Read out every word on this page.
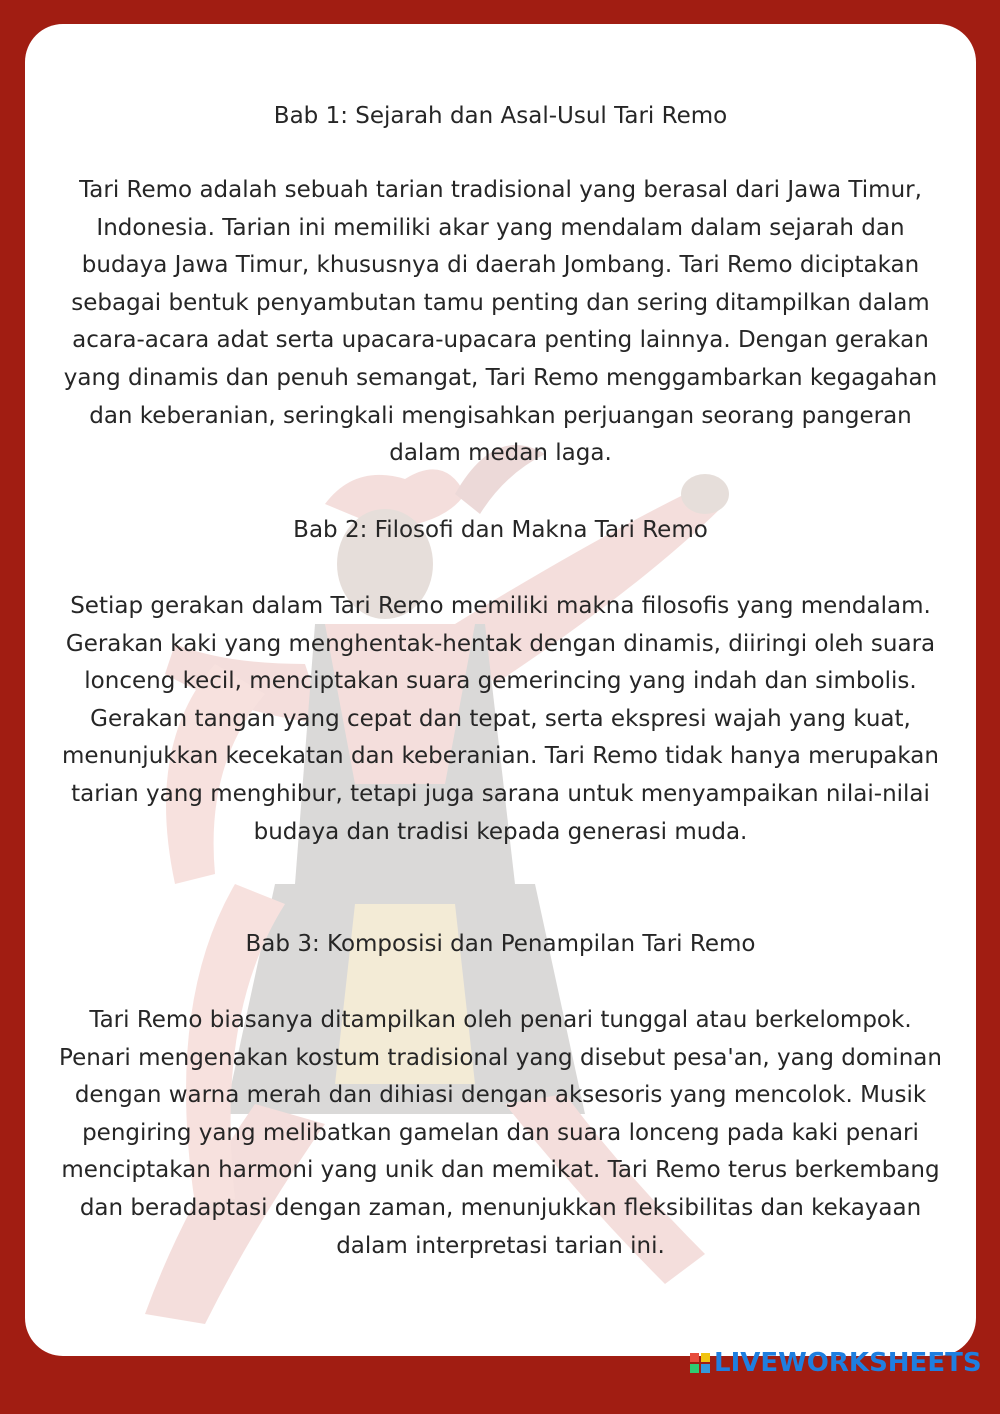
Bab 1: Sejarah dan Asal-Usul Tari Remo

Tari Remo adalah sebuah tarian tradisional yang berasal dari Jawa Timur, Indonesia. Tarian ini memiliki akar yang mendalam dalam sejarah dan budaya Jawa Timur, khususnya di daerah Jombang. Tari Remo diciptakan sebagai bentuk penyambutan tamu penting dan sering ditampilkan dalam acara-acara adat serta upacara-upacara penting lainnya. Dengan gerakan yang dinamis dan penuh semangat, Tari Remo menggambarkan kegagahan dan keberanian, seringkali mengisahkan perjuangan seorang pangeran dalam medan laga.

Bab 2: Filosofi dan Makna Tari Remo

Setiap gerakan dalam Tari Remo memiliki makna filosofis yang mendalam. Gerakan kaki yang menghentak-hentak dengan dinamis, diiringi oleh suara lonceng kecil, menciptakan suara gemerincing yang indah dan simbolis. Gerakan tangan yang cepat dan tepat, serta ekspresi wajah yang kuat, menunjukkan kecekatan dan keberanian. Tari Remo tidak hanya merupakan tarian yang menghibur, tetapi juga sarana untuk menyampaikan nilai-nilai budaya dan tradisi kepada generasi muda.

Bab 3: Komposisi dan Penampilan Tari Remo

Tari Remo biasanya ditampilkan oleh penari tunggal atau berkelompok. Penari mengenakan kostum tradisional yang disebut pesa'an, yang dominan dengan warna merah dan dihiasi dengan aksesoris yang mencolok. Musik pengiring yang melibatkan gamelan dan suara lonceng pada kaki penari menciptakan harmoni yang unik dan memikat. Tari Remo terus berkembang dan beradaptasi dengan zaman, menunjukkan fleksibilitas dan kekayaan dalam interpretasi tarian ini.

LIVEWORKSHEETS
